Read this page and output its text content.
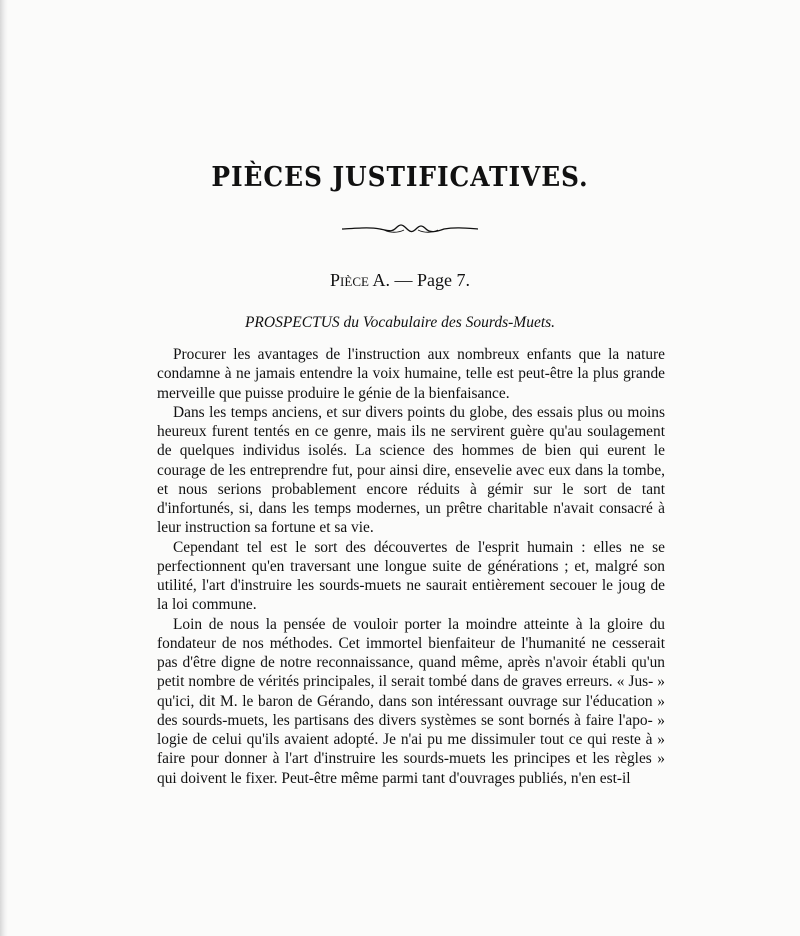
PIÈCES JUSTIFICATIVES.
Pièce A. — Page 7.
PROSPECTUS du Vocabulaire des Sourds-Muets.

Procurer les avantages de l'instruction aux nombreux enfants que la nature condamne à ne jamais entendre la voix humaine, telle est peut-être la plus grande merveille que puisse produire le génie de la bienfaisance.

Dans les temps anciens, et sur divers points du globe, des essais plus ou moins heureux furent tentés en ce genre, mais ils ne servirent guère qu'au soulagement de quelques individus isolés. La science des hommes de bien qui eurent le courage de les entreprendre fut, pour ainsi dire, ensevelie avec eux dans la tombe, et nous serions probablement encore réduits à gémir sur le sort de tant d'infortunés, si, dans les temps modernes, un prêtre charitable n'avait consacré à leur instruction sa fortune et sa vie.

Cependant tel est le sort des découvertes de l'esprit humain : elles ne se perfectionnent qu'en traversant une longue suite de générations ; et, malgré son utilité, l'art d'instruire les sourds-muets ne saurait entièrement secouer le joug de la loi commune.

Loin de nous la pensée de vouloir porter la moindre atteinte à la gloire du fondateur de nos méthodes. Cet immortel bienfaiteur de l'humanité ne cesserait pas d'être digne de notre reconnaissance, quand même, après n'avoir établi qu'un petit nombre de vérités principales, il serait tombé dans de graves erreurs. « Jus- » qu'ici, dit M. le baron de Gérando, dans son intéressant ouvrage sur l'éducation » des sourds-muets, les partisans des divers systèmes se sont bornés à faire l'apo- » logie de celui qu'ils avaient adopté. Je n'ai pu me dissimuler tout ce qui reste à » faire pour donner à l'art d'instruire les sourds-muets les principes et les règles » qui doivent le fixer. Peut-être même parmi tant d'ouvrages publiés, n'en est-il
